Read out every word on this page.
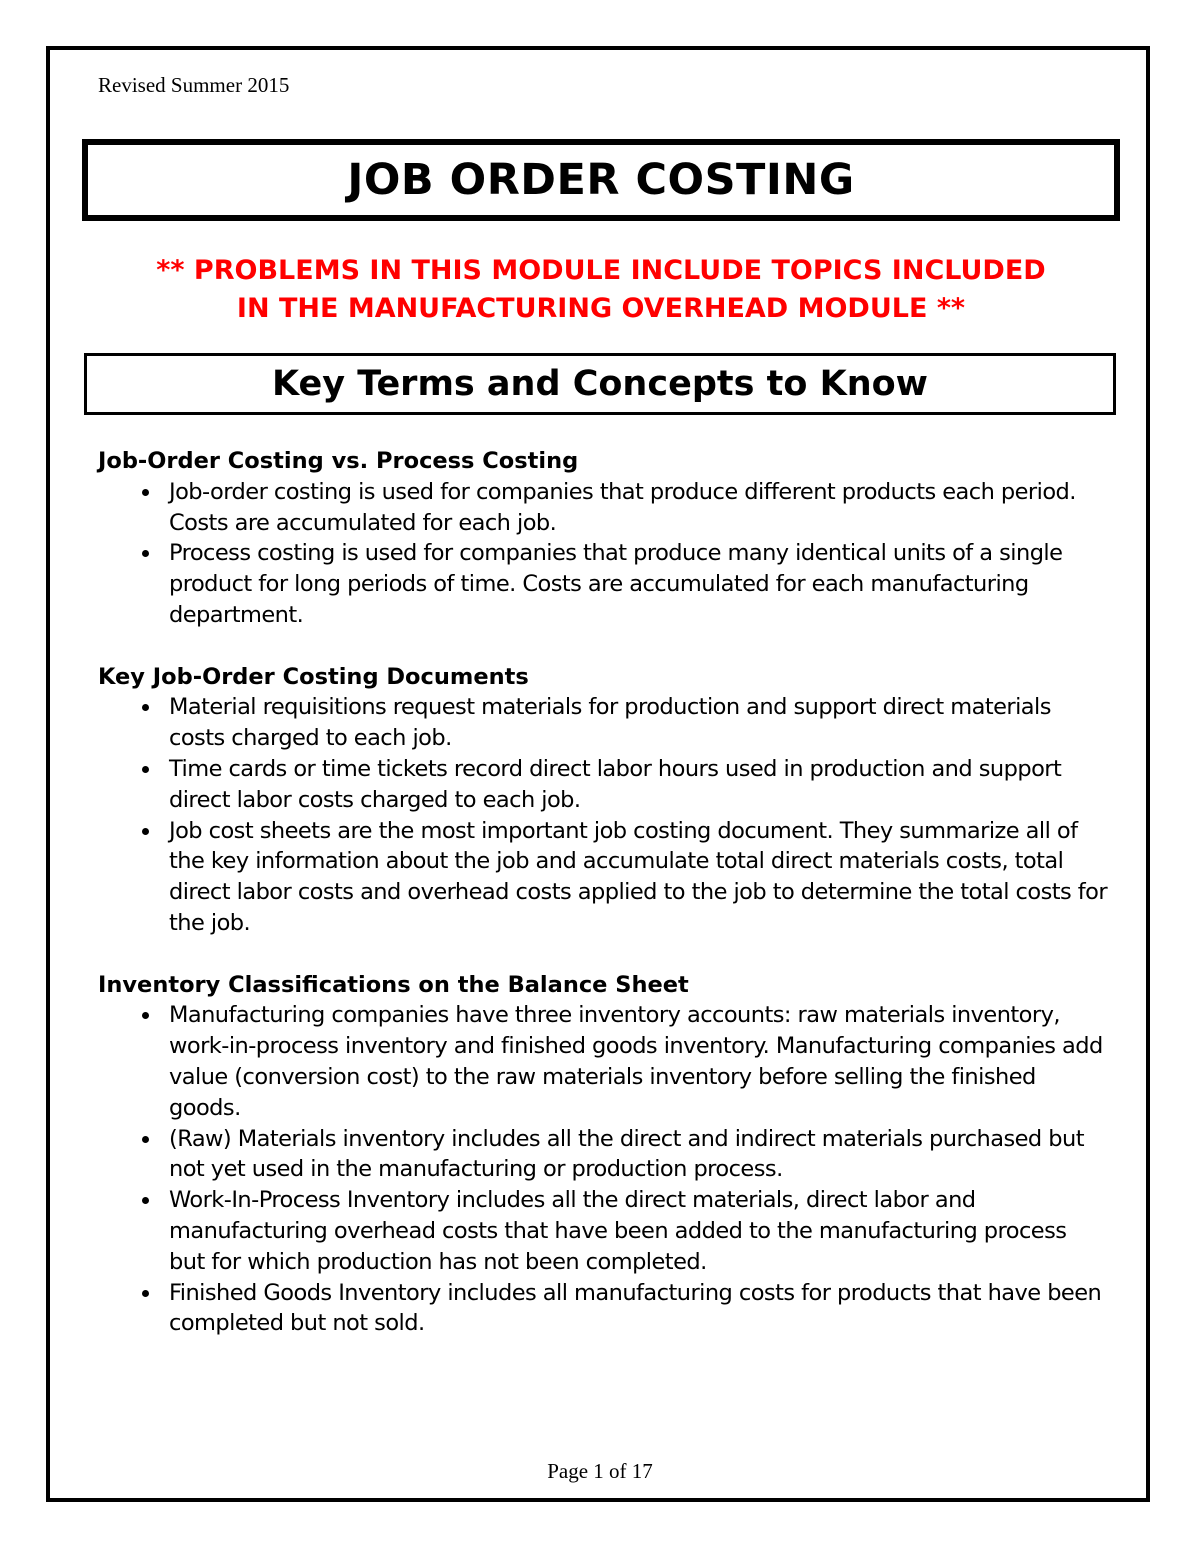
Revised Summer 2015
JOB ORDER COSTING
** PROBLEMS IN THIS MODULE INCLUDE TOPICS INCLUDED
IN THE MANUFACTURING OVERHEAD MODULE **
Key Terms and Concepts to Know

Job-Order Costing vs. Process Costing

Job-order costing is used for companies that produce different products each period. Costs are accumulated for each job.
Process costing is used for companies that produce many identical units of a single product for long periods of time. Costs are accumulated for each manufacturing department.

Key Job-Order Costing Documents

Material requisitions request materials for production and support direct materials costs charged to each job.
Time cards or time tickets record direct labor hours used in production and support direct labor costs charged to each job.
Job cost sheets are the most important job costing document. They summarize all of the key information about the job and accumulate total direct materials costs, total direct labor costs and overhead costs applied to the job to determine the total costs for the job.

Inventory Classifications on the Balance Sheet

Manufacturing companies have three inventory accounts: raw materials inventory, work-in-process inventory and finished goods inventory. Manufacturing companies add value (conversion cost) to the raw materials inventory before selling the finished goods.
(Raw) Materials inventory includes all the direct and indirect materials purchased but not yet used in the manufacturing or production process.
Work-In-Process Inventory includes all the direct materials, direct labor and manufacturing overhead costs that have been added to the manufacturing process but for which production has not been completed.
Finished Goods Inventory includes all manufacturing costs for products that have been completed but not sold.
Page 1 of 17
